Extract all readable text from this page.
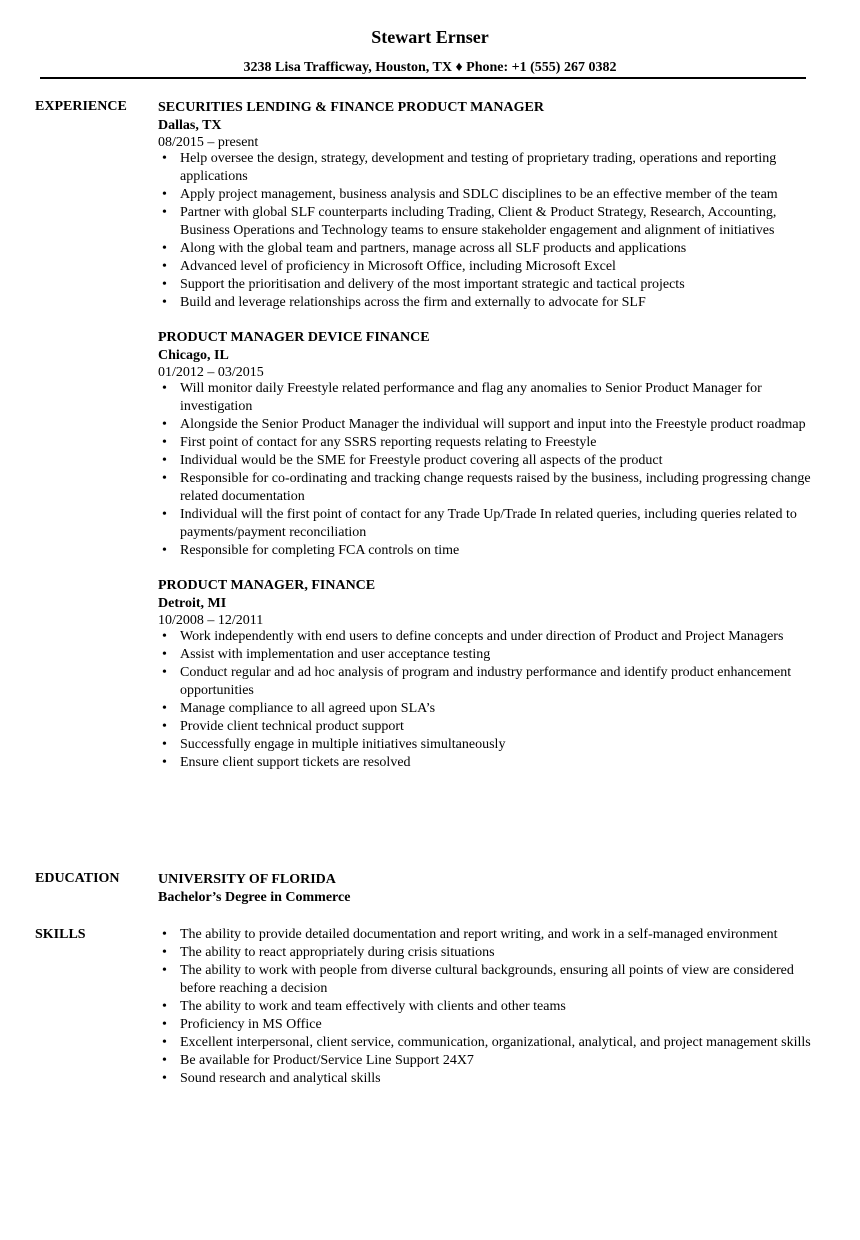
Stewart Ernser
3238 Lisa Trafficway, Houston, TX ♦ Phone: +1 (555) 267 0382
EXPERIENCE SECURITIES LENDING & FINANCE PRODUCT MANAGER
Dallas, TX
08/2015 – present
• Help oversee the design, strategy, development and testing of proprietary trading, operations and reporting applications
• Apply project management, business analysis and SDLC disciplines to be an effective member of the team
• Partner with global SLF counterparts including Trading, Client & Product Strategy, Research, Accounting, Business Operations and Technology teams to ensure stakeholder engagement and alignment of initiatives
• Along with the global team and partners, manage across all SLF products and applications
• Advanced level of proficiency in Microsoft Office, including Microsoft Excel
• Support the prioritisation and delivery of the most important strategic and tactical projects
• Build and leverage relationships across the firm and externally to advocate for SLF
PRODUCT MANAGER DEVICE FINANCE
Chicago, IL
01/2012 – 03/2015
• Will monitor daily Freestyle related performance and flag any anomalies to Senior Product Manager for investigation
• Alongside the Senior Product Manager the individual will support and input into the Freestyle product roadmap
• First point of contact for any SSRS reporting requests relating to Freestyle
• Individual would be the SME for Freestyle product covering all aspects of the product
• Responsible for co-ordinating and tracking change requests raised by the business, including progressing change related documentation
• Individual will the first point of contact for any Trade Up/Trade In related queries, including queries related to payments/payment reconciliation
• Responsible for completing FCA controls on time
PRODUCT MANAGER, FINANCE
Detroit, MI
10/2008 – 12/2011
• Work independently with end users to define concepts and under direction of Product and Project Managers
• Assist with implementation and user acceptance testing
• Conduct regular and ad hoc analysis of program and industry performance and identify product enhancement opportunities
• Manage compliance to all agreed upon SLA’s
• Provide client technical product support
• Successfully engage in multiple initiatives simultaneously
• Ensure client support tickets are resolved
EDUCATION	UNIVERSITY OF FLORIDA
Bachelor’s Degree in Commerce
SKILLS	• The ability to provide detailed documentation and report writing, and work in a self-managed environment
• The ability to react appropriately during crisis situations
• The ability to work with people from diverse cultural backgrounds, ensuring all points of view are considered before reaching a decision
• The ability to work and team effectively with clients and other teams
• Proficiency in MS Office
• Excellent interpersonal, client service, communication, organizational, analytical, and project management skills
• Be available for Product/Service Line Support 24X7
• Sound research and analytical skills
